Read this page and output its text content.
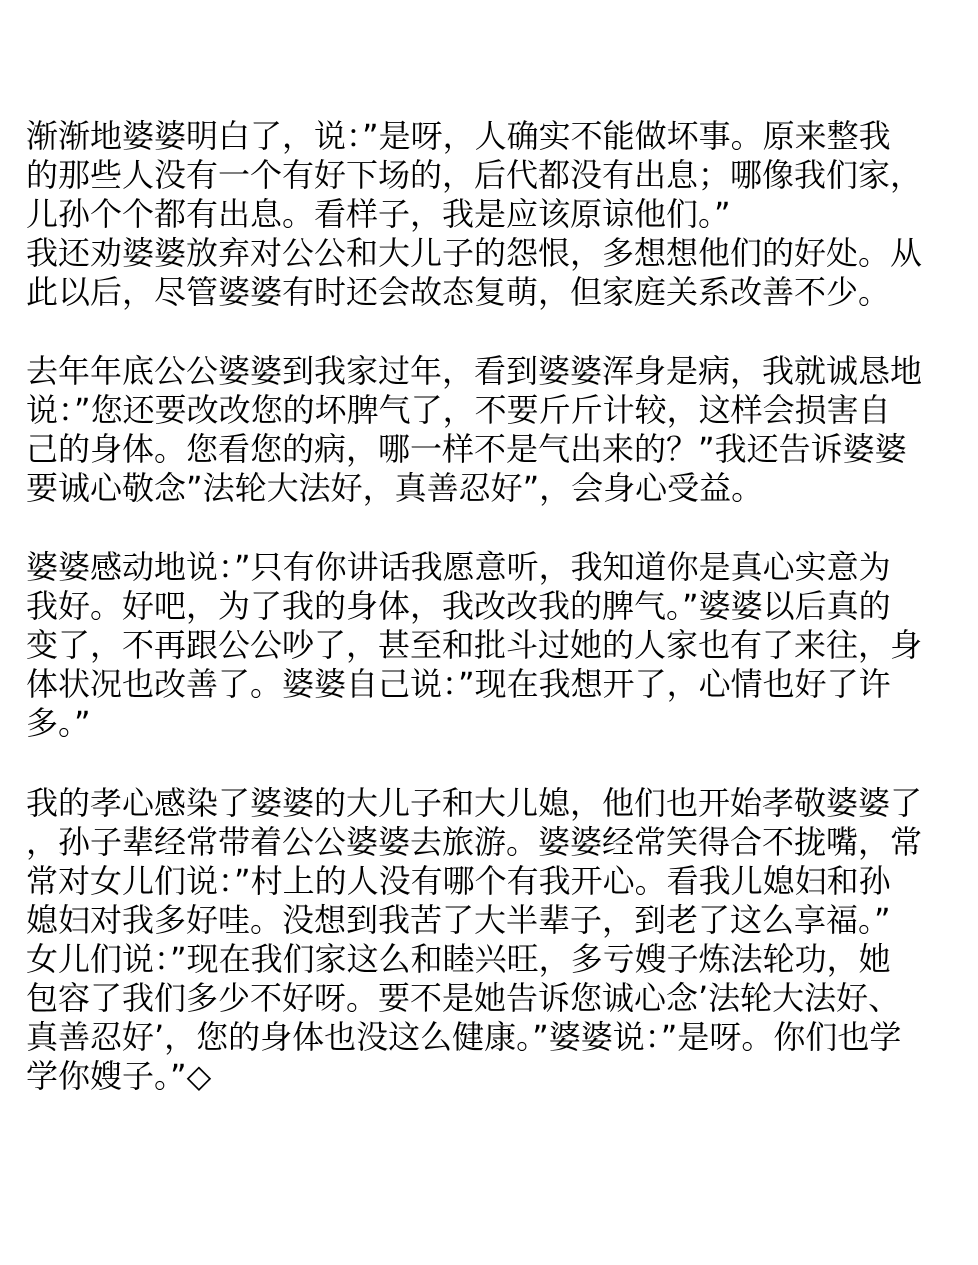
渐渐地婆婆明白了，说：”是呀，人确实不能做坏事。原来整我
的那些人没有一个有好下场的，后代都没有出息；哪像我们家，
儿孙个个都有出息。看样子，我是应该原谅他们。”
我还劝婆婆放弃对公公和大儿子的怨恨，多想想他们的好处。从
此以后，尽管婆婆有时还会故态复萌，但家庭关系改善不少。
去年年底公公婆婆到我家过年，看到婆婆浑身是病，我就诚恳地
说：”您还要改改您的坏脾气了，不要斤斤计较，这样会损害自
己的身体。您看您的病，哪一样不是气出来的？”我还告诉婆婆
要诚心敬念”法轮大法好，真善忍好”，会身心受益。
婆婆感动地说：”只有你讲话我愿意听，我知道你是真心实意为
我好。好吧，为了我的身体，我改改我的脾气。”婆婆以后真的
变了，不再跟公公吵了，甚至和批斗过她的人家也有了来往，身
体状况也改善了。婆婆自己说：”现在我想开了，心情也好了许
多。”
我的孝心感染了婆婆的大儿子和大儿媳，他们也开始孝敬婆婆了
，孙子辈经常带着公公婆婆去旅游。婆婆经常笑得合不拢嘴，常
常对女儿们说：”村上的人没有哪个有我开心。看我儿媳妇和孙
媳妇对我多好哇。没想到我苦了大半辈子，到老了这么享福。”
女儿们说：”现在我们家这么和睦兴旺，多亏嫂子炼法轮功，她
包容了我们多少不好呀。要不是她告诉您诚心念’法轮大法好、
真善忍好’，您的身体也没这么健康。”婆婆说：”是呀。你们也学
学你嫂子。”◇
